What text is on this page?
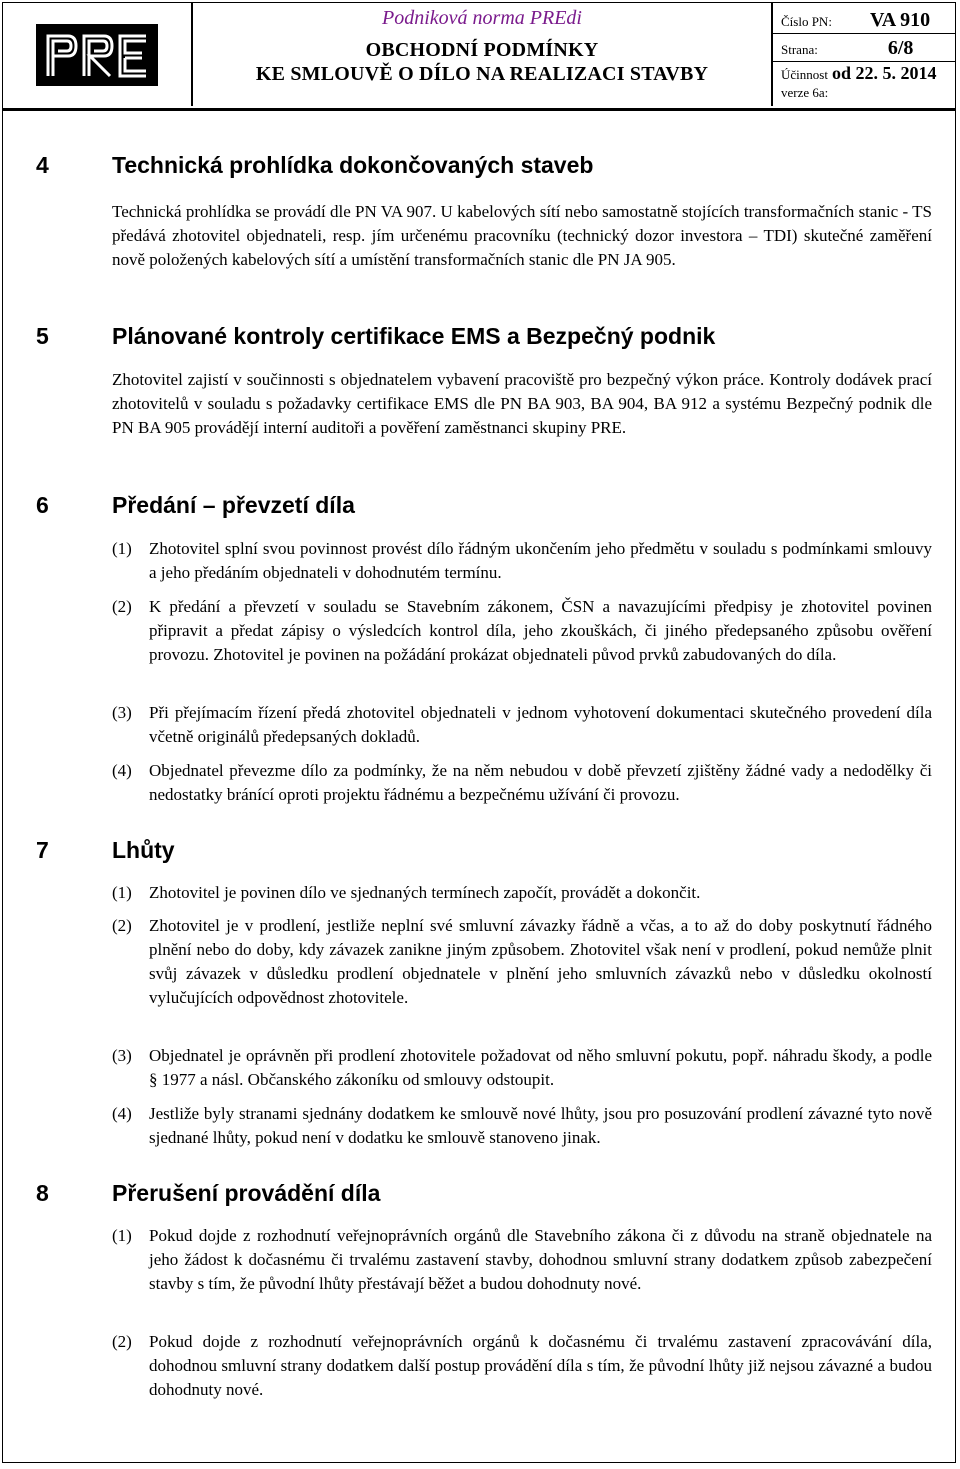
Podniková norma PREdi
OBCHODNÍ PODMÍNKY
KE SMLOUVĚ O DÍLO NA REALIZACI STAVBY
Číslo PN: VA 910
Strana:	6/8
Účinnost od 22. 5. 2014
verze 6a:
4	Technická prohlídka dokončovaných staveb
Technická prohlídka se provádí dle PN VA 907. U kabelových sítí nebo samostatně stojících transformačních stanic - TS předává zhotovitel objednateli, resp. jím určenému pracovníku (technický dozor investora – TDI) skutečné zaměření nově položených kabelových sítí a umístění transformačních stanic dle PN JA 905.
5	Plánované kontroly certifikace EMS a Bezpečný podnik
Zhotovitel zajistí v součinnosti s objednatelem vybavení pracoviště pro bezpečný výkon práce. Kontroly dodávek prací zhotovitelů v souladu s požadavky certifikace EMS dle PN BA 903, BA 904, BA 912 a systému Bezpečný podnik dle PN BA 905 provádějí interní auditoři a pověření zaměstnanci skupiny PRE.
6	Předání – převzetí díla
(1) Zhotovitel splní svou povinnost provést dílo řádným ukončením jeho předmětu v souladu s podmínkami smlouvy a jeho předáním objednateli v dohodnutém termínu.
(2) K předání a převzetí v souladu se Stavebním zákonem, ČSN a navazujícími předpisy je zhotovitel povinen připravit a předat zápisy o výsledcích kontrol díla, jeho zkouškách, či jiného předepsaného způsobu ověření provozu. Zhotovitel je povinen na požádání prokázat objednateli původ prvků zabudovaných do díla.
(3) Při přejímacím řízení předá zhotovitel objednateli v jednom vyhotovení dokumentaci skutečného provedení díla včetně originálů předepsaných dokladů.
(4) Objednatel převezme dílo za podmínky, že na něm nebudou v době převzetí zjištěny žádné vady a nedodělky či nedostatky bránící oproti projektu řádnému a bezpečnému užívání či provozu.
7	Lhůty
(1) Zhotovitel je povinen dílo ve sjednaných termínech započít, provádět a dokončit.
(2) Zhotovitel je v prodlení, jestliže neplní své smluvní závazky řádně a včas, a to až do doby poskytnutí řádného plnění nebo do doby, kdy závazek zanikne jiným způsobem. Zhotovitel však není v prodlení, pokud nemůže plnit svůj závazek v důsledku prodlení objednatele v plnění jeho smluvních závazků nebo v důsledku okolností vylučujících odpovědnost zhotovitele.
(3) Objednatel je oprávněn při prodlení zhotovitele požadovat od něho smluvní pokutu, popř. náhradu škody, a podle § 1977 a násl. Občanského zákoníku od smlouvy odstoupit.
(4) Jestliže byly stranami sjednány dodatkem ke smlouvě nové lhůty, jsou pro posuzování prodlení závazné tyto nově sjednané lhůty, pokud není v dodatku ke smlouvě stanoveno jinak.
8	Přerušení provádění díla
(1) Pokud dojde z rozhodnutí veřejnoprávních orgánů dle Stavebního zákona či z důvodu na straně objednatele na jeho žádost k dočasnému či trvalému zastavení stavby, dohodnou smluvní strany dodatkem způsob zabezpečení stavby s tím, že původní lhůty přestávají běžet a budou dohodnuty nové.
(2) Pokud dojde z rozhodnutí veřejnoprávních orgánů k dočasnému či trvalému zastavení zpracovávání díla, dohodnou smluvní strany dodatkem další postup provádění díla s tím, že původní lhůty již nejsou závazné a budou dohodnuty nové.
